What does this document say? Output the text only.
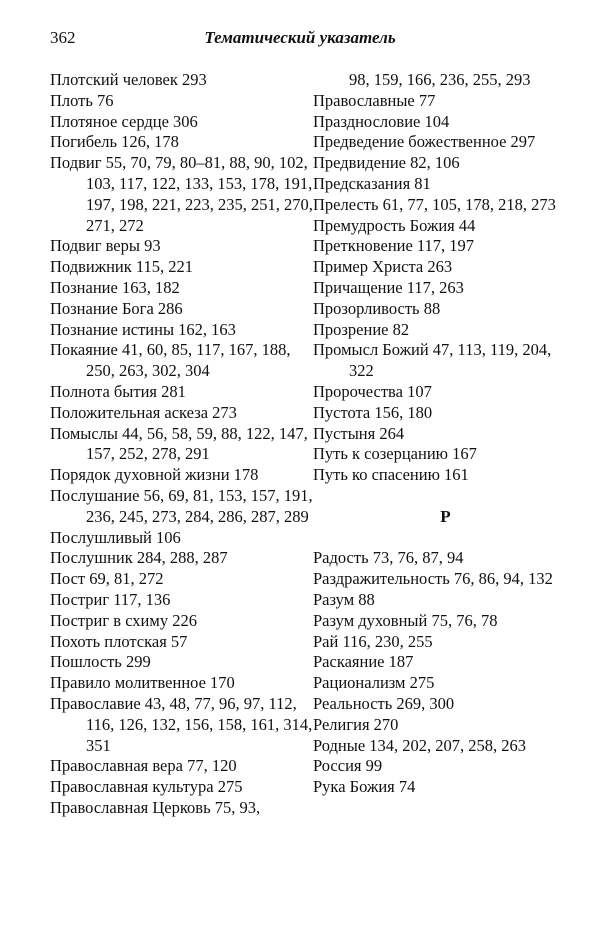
362	Тематический указатель
Плотский человек 293
Плоть 76
Плотяное сердце 306
Погибель 126, 178
Подвиг 55, 70, 79, 80–81, 88, 90, 102, 103, 117, 122, 133, 153, 178, 191, 197, 198, 221, 223, 235, 251, 270, 271, 272
Подвиг веры 93
Подвижник 115, 221
Познание 163, 182
Познание Бога 286
Познание истины 162, 163
Покаяние 41, 60, 85, 117, 167, 188, 250, 263, 302, 304
Полнота бытия 281
Положительная аскеза 273
Помыслы 44, 56, 58, 59, 88, 122, 147, 157, 252, 278, 291
Порядок духовной жизни 178
Послушание 56, 69, 81, 153, 157, 191, 236, 245, 273, 284, 286, 287, 289
Послушливый 106
Послушник 284, 288, 287
Пост 69, 81, 272
Постриг 117, 136
Постриг в схиму 226
Похоть плотская 57
Пошлость 299
Правило молитвенное 170
Православие 43, 48, 77, 96, 97, 112, 116, 126, 132, 156, 158, 161, 314, 351
Православная вера 77, 120
Православная культура 275
Православная Церковь 75, 93,
98, 159, 166, 236, 255, 293
Православные 77
Празднословие 104
Предведение божественное 297
Предвидение 82, 106
Предсказания 81
Прелесть 61, 77, 105, 178, 218, 273
Премудрость Божия 44
Преткновение 117, 197
Пример Христа 263
Причащение 117, 263
Прозорливость 88
Прозрение 82
Промысл Божий 47, 113, 119, 204, 322
Пророчества 107
Пустота 156, 180
Пустыня 264
Путь к созерцанию 167
Путь ко спасению 161
Р
Радость 73, 76, 87, 94
Раздражительность 76, 86, 94, 132
Разум 88
Разум духовный 75, 76, 78
Рай 116, 230, 255
Раскаяние 187
Рационализм 275
Реальность 269, 300
Религия 270
Родные 134, 202, 207, 258, 263
Россия 99
Рука Божия 74
